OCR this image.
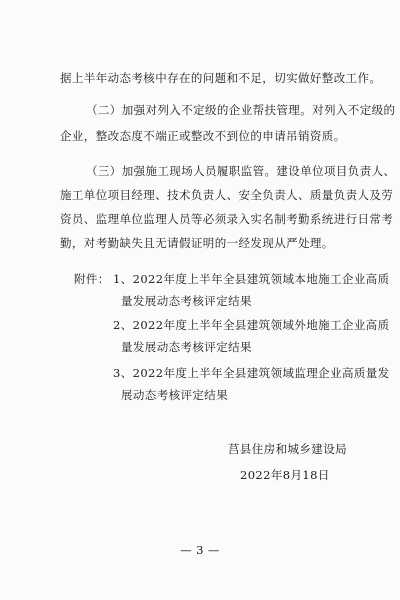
据上半年动态考核中存在的问题和不足，切实做好整改工作。

（二）加强对列入不定级的企业帮扶管理。对列入不定级的

企业，整改态度不端正或整改不到位的申请吊销资质。

（三）加强施工现场人员履职监管。建设单位项目负责人、

施工单位项目经理、技术负责人、安全负责人、质量负责人及劳

资员、监理单位监理人员等必须录入实名制考勤系统进行日常考

勤，对考勤缺失且无请假证明的一经发现从严处理。

附件： 1、2022年度上半年全县建筑领域本地施工企业高质
量发展动态考核评定结果
2、2022年度上半年全县建筑领域外地施工企业高质
量发展动态考核评定结果
3、2022年度上半年全县建筑领域监理企业高质量发
展动态考核评定结果
莒县住房和城乡建设局
2022年8月18日
— 3 —
